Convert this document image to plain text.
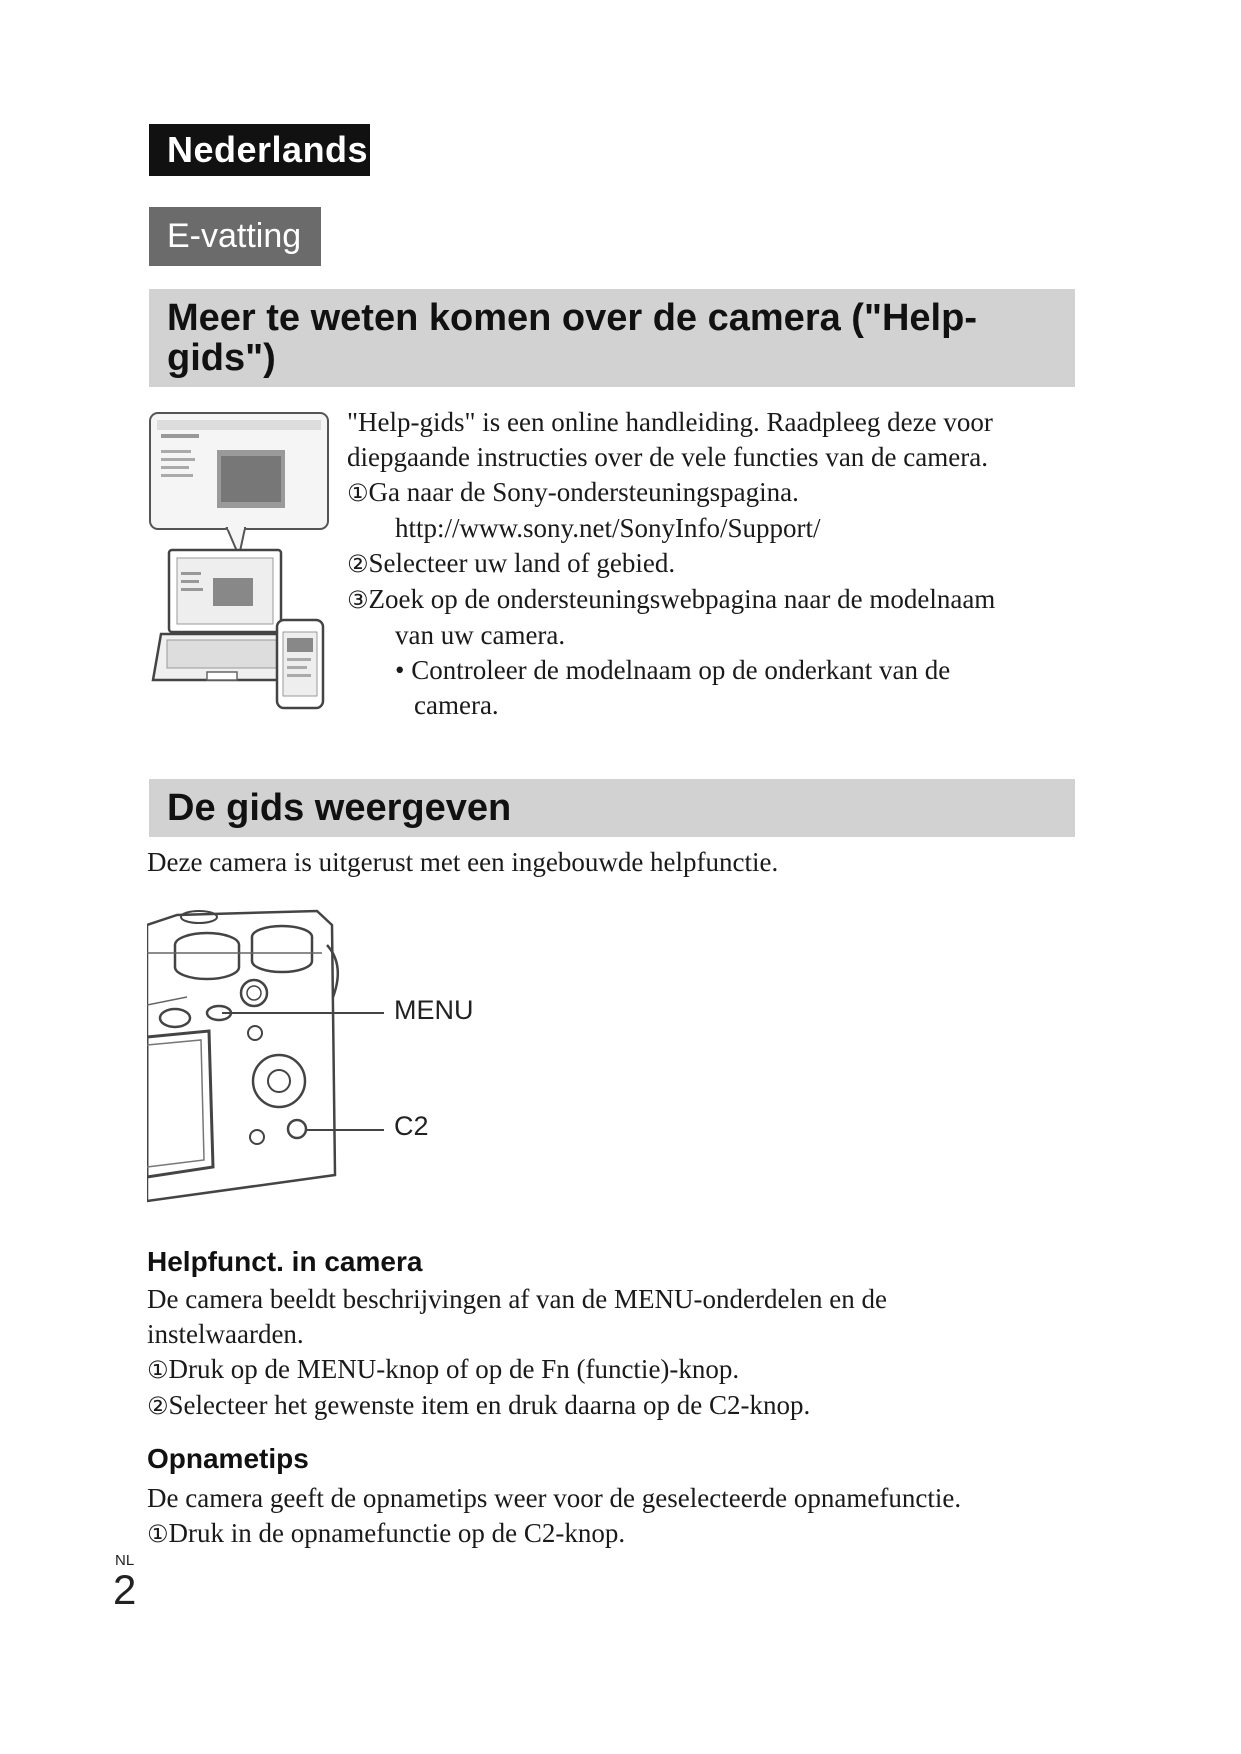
Nederlands
E-vatting
Meer te weten komen over de camera ("Help-
gids")
"Help-gids" is een online handleiding. Raadpleeg deze voor
diepgaande instructies over de vele functies van de camera.
①Ga naar de Sony-ondersteuningspagina.
http://www.sony.net/SonyInfo/Support/
②Selecteer uw land of gebied.
③Zoek op de ondersteuningswebpagina naar de modelnaam
van uw camera.
• Controleer de modelnaam op de onderkant van de
camera.
De gids weergeven
Deze camera is uitgerust met een ingebouwde helpfunctie.
MENU
C2
Helpfunct. in camera
De camera beeldt beschrijvingen af van de MENU-onderdelen en de
instelwaarden.
①Druk op de MENU-knop of op de Fn (functie)-knop.
②Selecteer het gewenste item en druk daarna op de C2-knop.
Opnametips
De camera geeft de opnametips weer voor de geselecteerde opnamefunctie.
①Druk in de opnamefunctie op de C2-knop.
NL
2
